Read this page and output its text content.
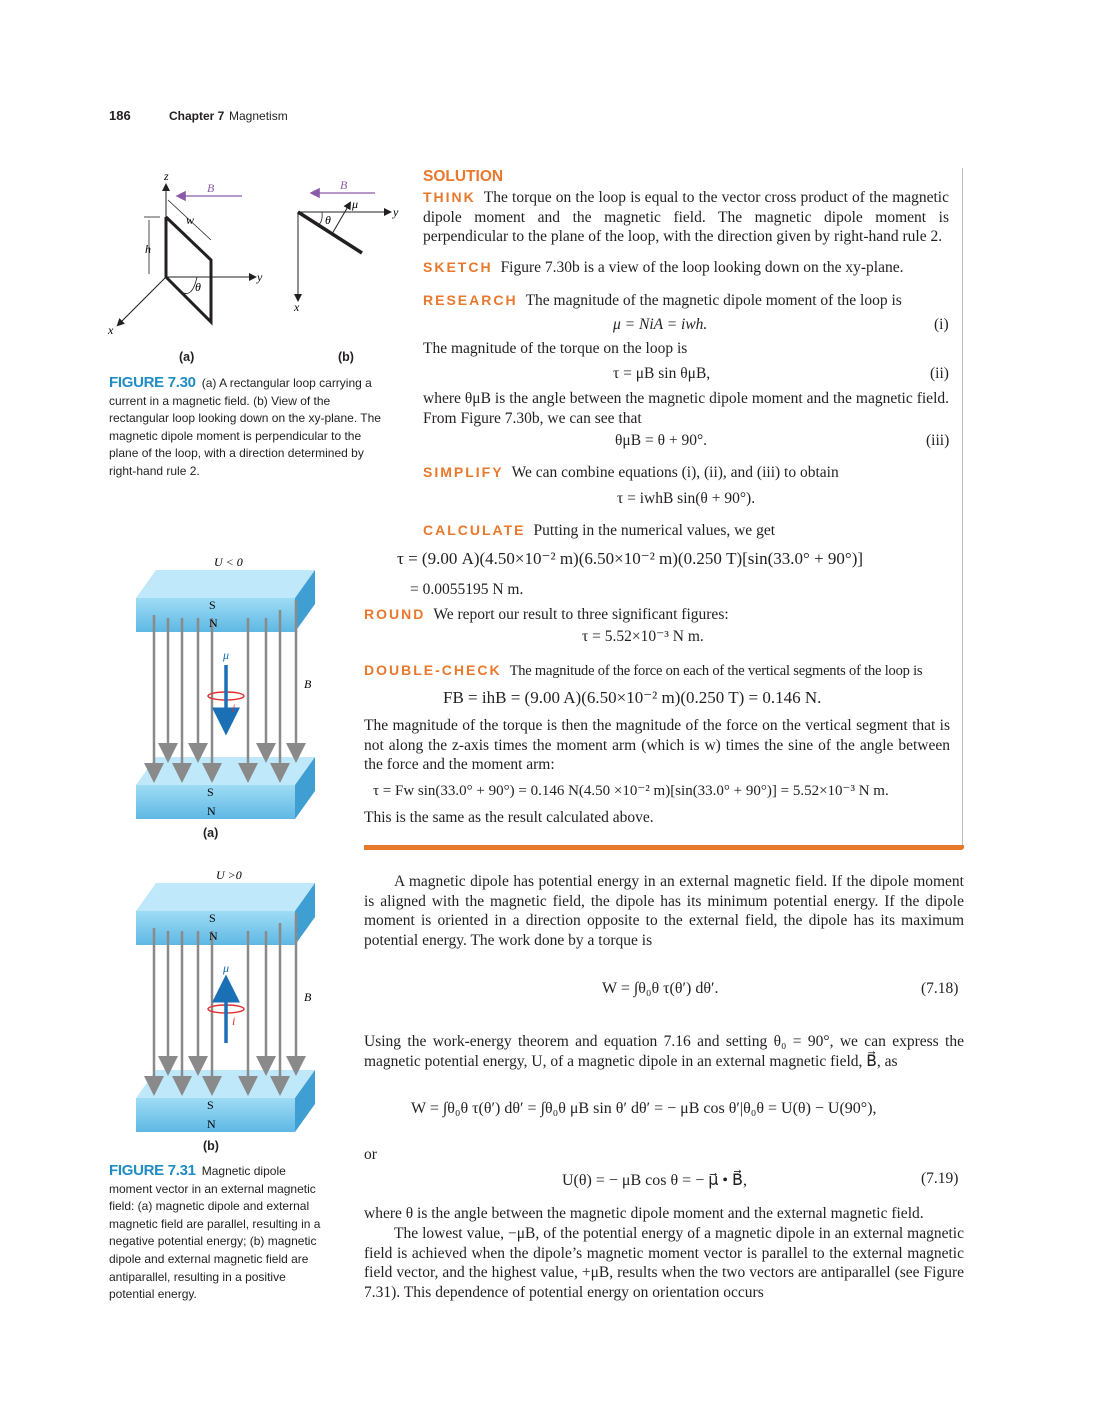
186	Chapter 7 Magnetism
z
y
x
B⃗
w
h
θ
y
x
B⃗
μ⃗
θ
(a)	(b)
FIGURE 7.30 (a) A rectangular loop carrying a current in a magnetic field. (b) View of the rectangular loop looking down on the xy-plane. The magnetic dipole moment is perpendicular to the plane of the loop, with a direction determined by right-hand rule 2.
U < 0
S
N
S
N
μ⃗
i
B⃗
U >0
S
N
S
N
μ⃗
i
B⃗
(a)
(b)
FIGURE 7.31 Magnetic dipole moment vector in an external magnetic field: (a) magnetic dipole and external magnetic field are parallel, resulting in a negative potential energy; (b) magnetic dipole and external magnetic field are antiparallel, resulting in a positive potential energy.
SOLUTION
THINK The torque on the loop is equal to the vector cross product of the magnetic dipole moment and the magnetic field. The magnetic dipole moment is perpendicular to the plane of the loop, with the direction given by right-hand rule 2.
SKETCH Figure 7.30b is a view of the loop looking down on the xy-plane.
RESEARCH The magnitude of the magnetic dipole moment of the loop is
μ = NiA = iwh.	(i)
The magnitude of the torque on the loop is
τ = μB sin θμB,	(ii)
where θμB is the angle between the magnetic dipole moment and the magnetic field. From Figure 7.30b, we can see that
θμB = θ + 90°.	(iii)
SIMPLIFY We can combine equations (i), (ii), and (iii) to obtain
τ = iwhB sin(θ + 90°).
CALCULATE Putting in the numerical values, we get
τ = (9.00 A)(4.50×10⁻² m)(6.50×10⁻² m)(0.250 T)[sin(33.0° + 90°)]
= 0.0055195 N m.
ROUND We report our result to three significant figures:
τ = 5.52×10⁻³ N m.
DOUBLE-CHECK The magnitude of the force on each of the vertical segments of the loop is
FB = ihB = (9.00 A)(6.50×10⁻² m)(0.250 T) = 0.146 N.
The magnitude of the torque is then the magnitude of the force on the vertical segment that is not along the z-axis times the moment arm (which is w) times the sine of the angle between the force and the moment arm:
τ = Fw sin(33.0° + 90°) = 0.146 N(4.50 ×10⁻² m)[sin(33.0° + 90°)] = 5.52×10⁻³ N m.
This is the same as the result calculated above.
A magnetic dipole has potential energy in an external magnetic field. If the dipole moment is aligned with the magnetic field, the dipole has its minimum potential energy. If the dipole moment is oriented in a direction opposite to the external field, the dipole has its maximum potential energy. The work done by a torque is
W = ∫θ₀θ τ(θ′) dθ′.	(7.18)
Using the work-energy theorem and equation 7.16 and setting θ₀ = 90°, we can express the magnetic potential energy, U, of a magnetic dipole in an external magnetic field, B⃗, as
W = ∫θ₀θ τ(θ′) dθ′ = ∫θ₀θ μB sin θ′ dθ′ = − μB cos θ′|θ₀θ = U(θ) − U(90°),
or
U(θ) = − μB cos θ = − μ⃗ • B⃗,	(7.19)
where θ is the angle between the magnetic dipole moment and the external magnetic field.
The lowest value, −μB, of the potential energy of a magnetic dipole in an external magnetic field is achieved when the dipole’s magnetic moment vector is parallel to the external magnetic field vector, and the highest value, +μB, results when the two vectors are antiparallel (see Figure 7.31). This dependence of potential energy on orientation occurs
